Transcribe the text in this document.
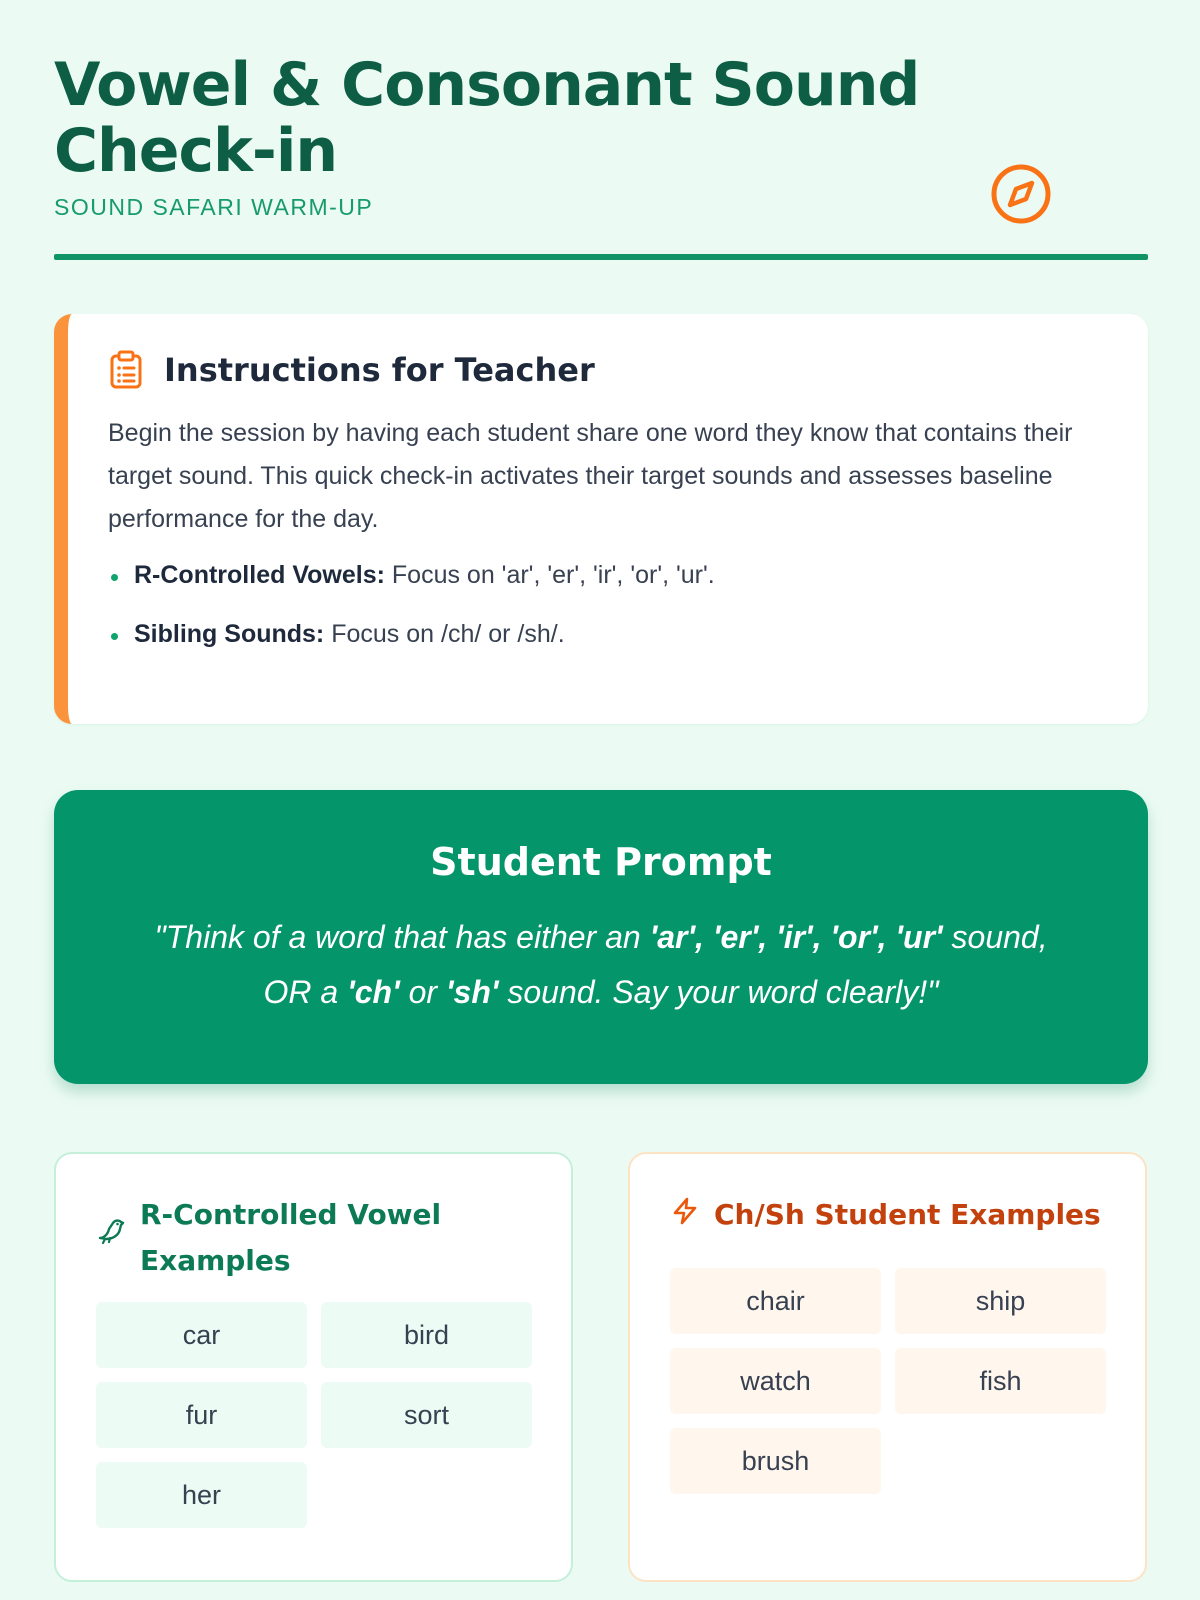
Vowel & Consonant Sound Check-in
SOUND SAFARI WARM-UP
Instructions for Teacher

Begin the session by having each student share one word they know that contains their target sound. This quick check-in activates their target sounds and assesses baseline performance for the day.

R-Controlled Vowels: Focus on 'ar', 'er', 'ir', 'or', 'ur'.
Sibling Sounds: Focus on /ch/ or /sh/.
Student Prompt

"Think of a word that has either an 'ar', 'er', 'ir', 'or', 'ur' sound, OR a 'ch' or 'sh' sound. Say your word clearly!"

R-Controlled Vowel Examples
car	bird
fur	sort
her
Ch/Sh Student Examples
chair	ship
watch	fish
brush
